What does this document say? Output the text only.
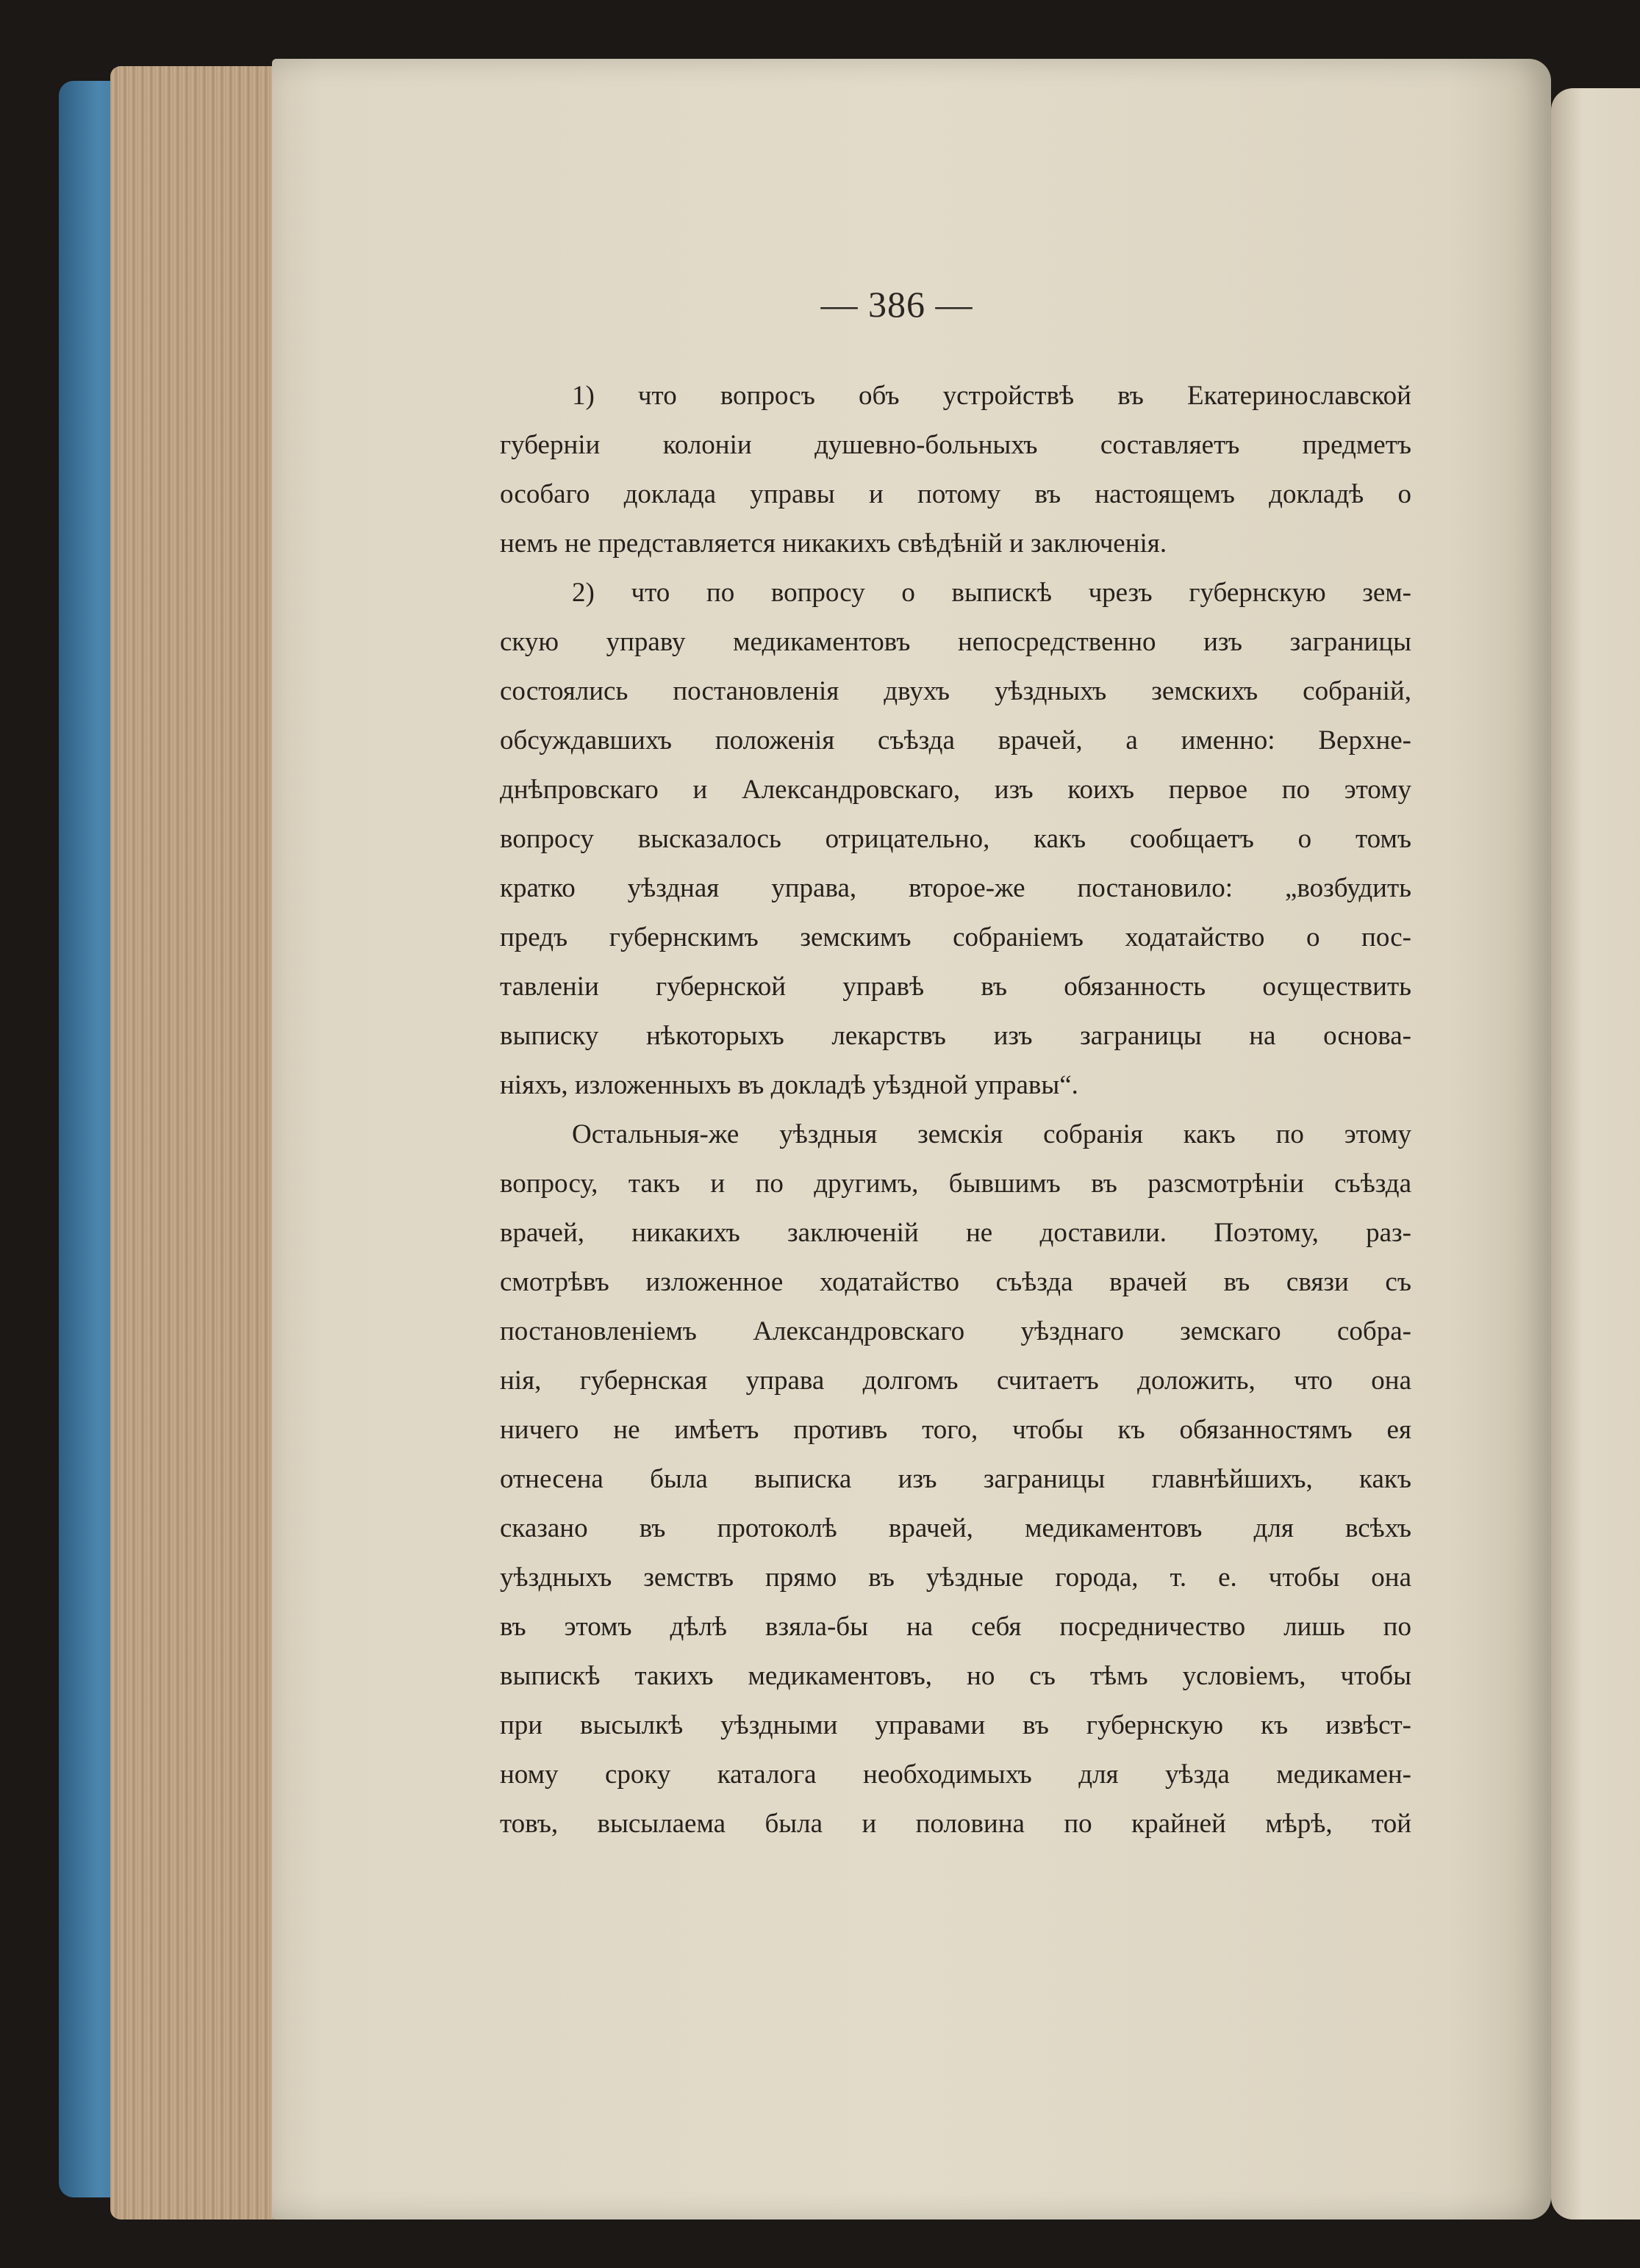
— 386 —
1) что вопросъ объ устройствѣ въ Екатеринославской
губерніи колоніи душевно-больныхъ составляетъ предметъ
особаго доклада управы и потому въ настоящемъ докладѣ о
немъ не представляется никакихъ свѣдѣній и заключенія.
2) что по вопросу о выпискѣ чрезъ губернскую зем-
скую управу медикаментовъ непосредственно изъ заграницы
состоялись постановленія двухъ уѣздныхъ земскихъ собраній,
обсуждавшихъ положенія съѣзда врачей, а именно: Верхне-
днѣпровскаго и Александровскаго, изъ коихъ первое по этому
вопросу высказалось отрицательно, какъ сообщаетъ о томъ
кратко уѣздная управа, второе-же постановило: „возбудить
предъ губернскимъ земскимъ собраніемъ ходатайство о пос-
тавленіи губернской управѣ въ обязанность осуществить
выписку нѣкоторыхъ лекарствъ изъ заграницы на основа-
ніяхъ, изложенныхъ въ докладѣ уѣздной управы“.
Остальныя-же уѣздныя земскія собранія какъ по этому
вопросу, такъ и по другимъ, бывшимъ въ разсмотрѣніи съѣзда
врачей, никакихъ заключеній не доставили. Поэтому, раз-
смотрѣвъ изложенное ходатайство съѣзда врачей въ связи съ
постановленіемъ Александровскаго уѣзднаго земскаго собра-
нія, губернская управа долгомъ считаетъ доложить, что она
ничего не имѣетъ противъ того, чтобы къ обязанностямъ ея
отнесена была выписка изъ заграницы главнѣйшихъ, какъ
сказано въ протоколѣ врачей, медикаментовъ для всѣхъ
уѣздныхъ земствъ прямо въ уѣздные города, т. е. чтобы она
въ этомъ дѣлѣ взяла-бы на себя посредничество лишь по
выпискѣ такихъ медикаментовъ, но съ тѣмъ условіемъ, чтобы
при высылкѣ уѣздными управами въ губернскую къ извѣст-
ному сроку каталога необходимыхъ для уѣзда медикамен-
товъ, высылаема была и половина по крайней мѣрѣ, той
